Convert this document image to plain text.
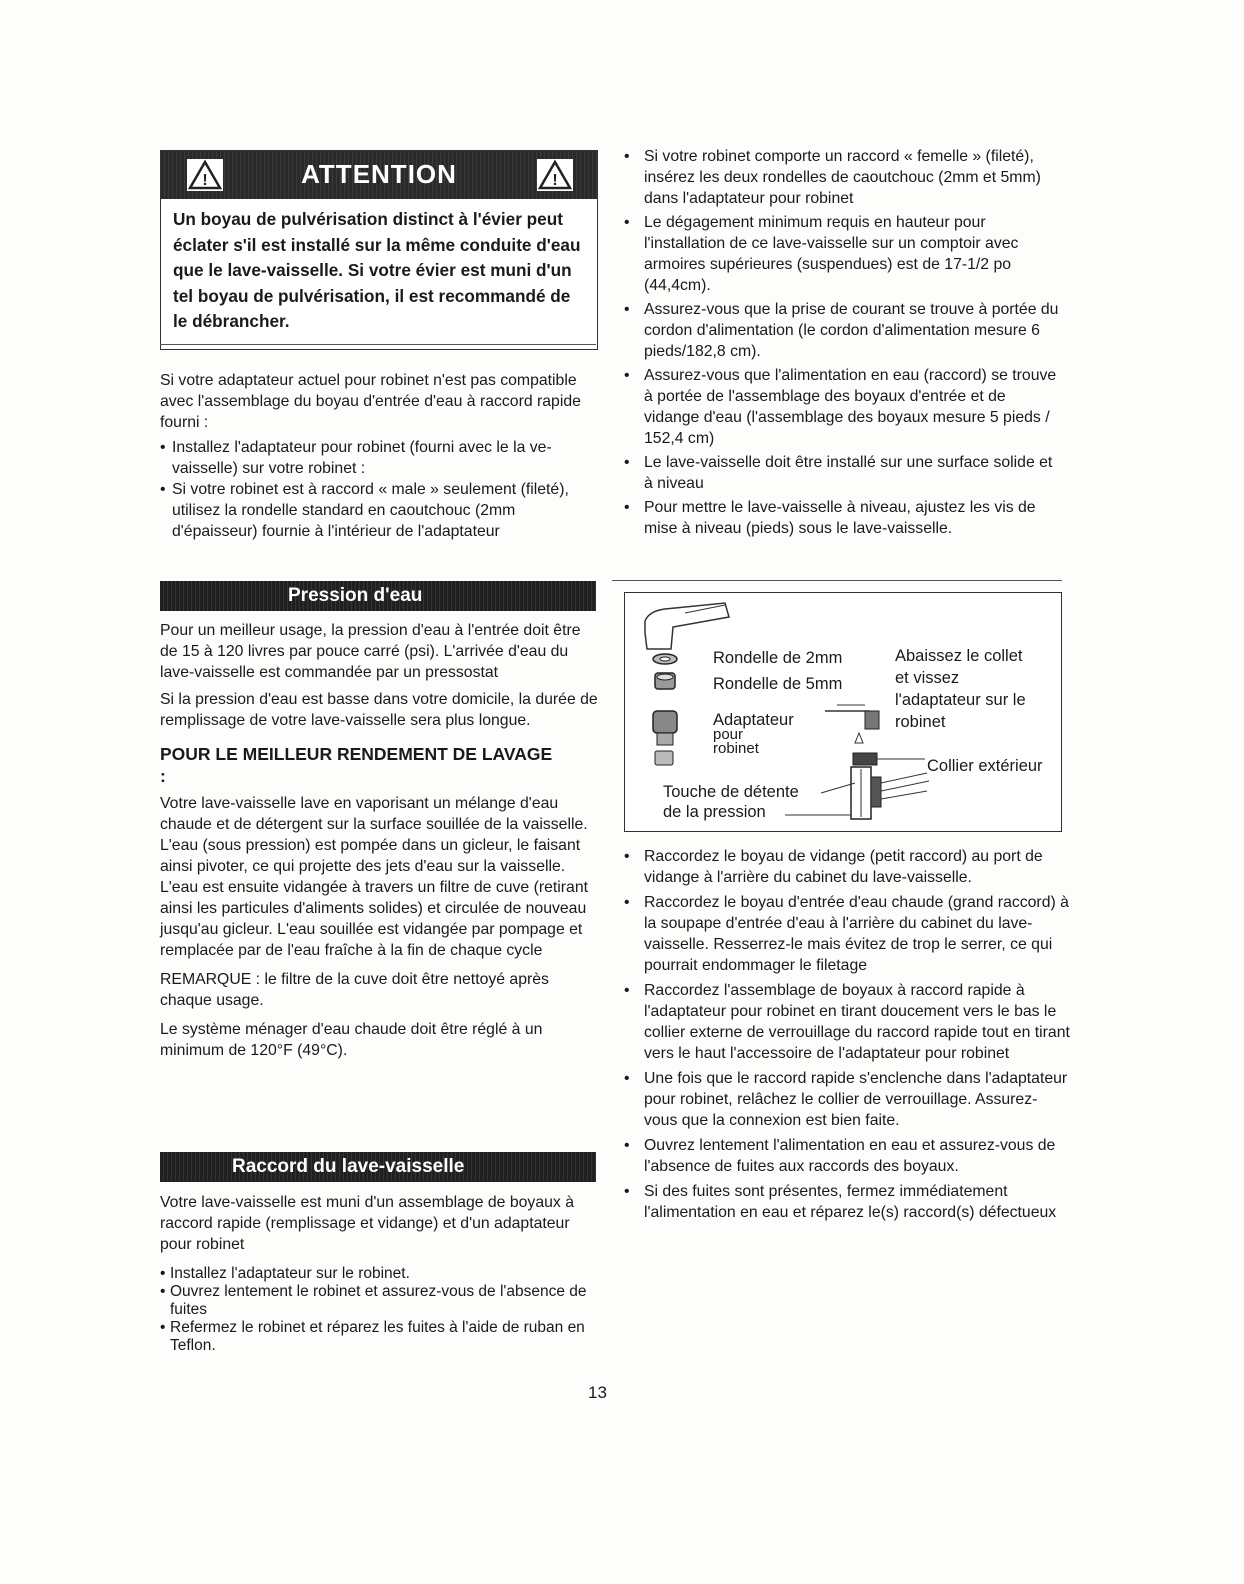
!	ATTENTION	!
Un boyau de pulvérisation distinct à l'évier peut éclater s'il est installé sur la même conduite d'eau que le lave-vaisselle. Si votre évier est muni d'un tel boyau de pulvérisation, il est recommandé de le débrancher.

Si votre adaptateur actuel pour robinet n'est pas compatible avec l'assemblage du boyau d'entrée d'eau à raccord rapide fourni :

• Installez l'adaptateur pour robinet (fourni avec le la ve-vaisselle) sur votre robinet :
• Si votre robinet est à raccord « male » seulement (fileté), utilisez la rondelle standard en caoutchouc (2mm d'épaisseur) fournie à l'intérieur de l'adaptateur
Pression d'eau

Pour un meilleur usage, la pression d'eau à l'entrée doit être de 15 à 120 livres par pouce carré (psi). L'arrivée d'eau du lave-vaisselle est commandée par un pressostat

Si la pression d'eau est basse dans votre domicile, la durée de remplissage de votre lave-vaisselle sera plus longue.

POUR LE MEILLEUR RENDEMENT DE LAVAGE :

Votre lave-vaisselle lave en vaporisant un mélange d'eau chaude et de détergent sur la surface souillée de la vaisselle. L'eau (sous pression) est pompée dans un gicleur, le faisant ainsi pivoter, ce qui projette des jets d'eau sur la vaisselle. L'eau est ensuite vidangée à travers un filtre de cuve (retirant ainsi les particules d'aliments solides) et circulée de nouveau jusqu'au gicleur. L'eau souillée est vidangée par pompage et remplacée par de l'eau fraîche à la fin de chaque cycle

REMARQUE : le filtre de la cuve doit être nettoyé après chaque usage.

Le système ménager d'eau chaude doit être réglé à un minimum de 120°F (49°C).

Raccord du lave-vaisselle

Votre lave-vaisselle est muni d'un assemblage de boyaux à raccord rapide (remplissage et vidange) et d'un adaptateur pour robinet

• Installez l'adaptateur sur le robinet.
• Ouvrez lentement le robinet et assurez-vous de l'absence de fuites
• Refermez le robinet et réparez les fuites à l'aide de ruban en Teflon.
• Si votre robinet comporte un raccord « femelle » (fileté), insérez les deux rondelles de caoutchouc (2mm et 5mm) dans l'adaptateur pour robinet
• Le dégagement minimum requis en hauteur pour l'installation de ce lave-vaisselle sur un comptoir avec armoires supérieures (suspendues) est de 17-1/2 po (44,4cm).
• Assurez-vous que la prise de courant se trouve à portée du cordon d'alimentation (le cordon d'alimentation mesure 6 pieds/182,8 cm).
• Assurez-vous que l'alimentation en eau (raccord) se trouve à portée de l'assemblage des boyaux d'entrée et de vidange d'eau (l'assemblage des boyaux mesure 5 pieds / 152,4 cm)
• Le lave-vaisselle doit être installé sur une surface solide et à niveau
• Pour mettre le lave-vaisselle à niveau, ajustez les vis de mise à niveau (pieds) sous le lave-vaisselle.
Rondelle de 2mm
Rondelle de 5mm
Adaptateur
pour
robinet
Abaissez le collet
et vissez
l'adaptateur sur le
robinet
Collier extérieur
Touche de détente
de la pression
• Raccordez le boyau de vidange (petit raccord) au port de vidange à l'arrière du cabinet du lave-vaisselle.
• Raccordez le boyau d'entrée d'eau chaude (grand raccord) à la soupape d'entrée d'eau à l'arrière du cabinet du lave-vaisselle. Resserrez-le mais évitez de trop le serrer, ce qui pourrait endommager le filetage
• Raccordez l'assemblage de boyaux à raccord rapide à l'adaptateur pour robinet en tirant doucement vers le bas le collier externe de verrouillage du raccord rapide tout en tirant vers le haut l'accessoire de l'adaptateur pour robinet
• Une fois que le raccord rapide s'enclenche dans l'adaptateur pour robinet, relâchez le collier de verrouillage. Assurez-vous que la connexion est bien faite.
• Ouvrez lentement l'alimentation en eau et assurez-vous de l'absence de fuites aux raccords des boyaux.
• Si des fuites sont présentes, fermez immédiatement l'alimentation en eau et réparez le(s) raccord(s) défectueux
13
